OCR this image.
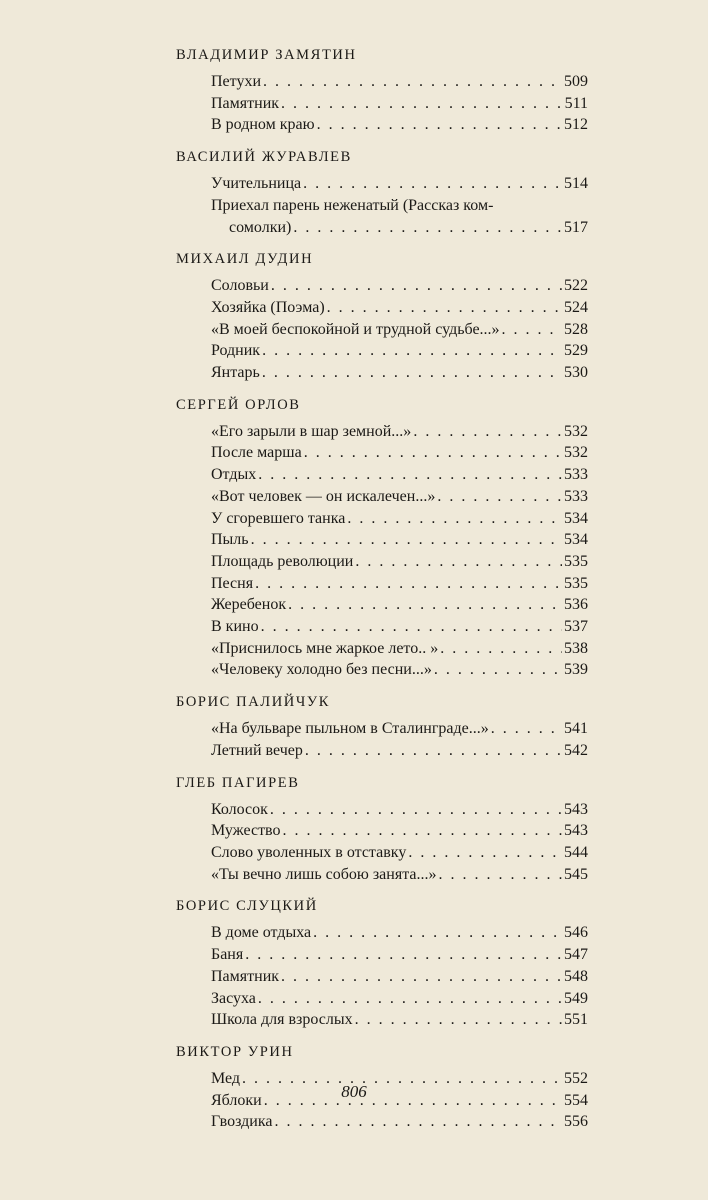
ВЛАДИМИР ЗАМЯТИН
Петухи . . .	509
Памятник . . .	511
В родном краю . . .	512
ВАСИЛИЙ ЖУРАВЛЕВ
Учительница . . .	514
Приехал парень неженатый (Рассказ ком-
сомолки) . . .	517
МИХАИЛ ДУДИН
Соловьи . . .	522
Хозяйка (Поэма) . . .	524
«В моей беспокойной и трудной судьбе...» . . .	528
Родник . . .	529
Янтарь . . .	530
СЕРГЕЙ ОРЛОВ
«Его зарыли в шар земной...» . . .	532
После марша . . .	532
Отдых . . .	533
«Вот человек — он искалечен...» . . .	533
У сгоревшего танка . . .	534
Пыль . . .	534
Площадь революции . . .	535
Песня . . .	535
Жеребенок . . .	536
В кино . . .	537
«Приснилось мне жаркое лето.. » . . .	538
«Человеку холодно без песни...» . . .	539
БОРИС ПАЛИЙЧУК
«На бульваре пыльном в Сталинграде...» . . .	541
Летний вечер . . .	542
ГЛЕБ ПАГИРЕВ
Колосок . . .	543
Мужество . . .	543
Слово уволенных в отставку . . .	544
«Ты вечно лишь собою занята...» . . .	545
БОРИС СЛУЦКИЙ
В доме отдыха . . .	546
Баня . . .	547
Памятник . . .	548
Засуха . . .	549
Школа для взрослых . . .	551
ВИКТОР УРИН
Мед . . .	552
Яблоки . . .	554
Гвоздика . . .	556
806
